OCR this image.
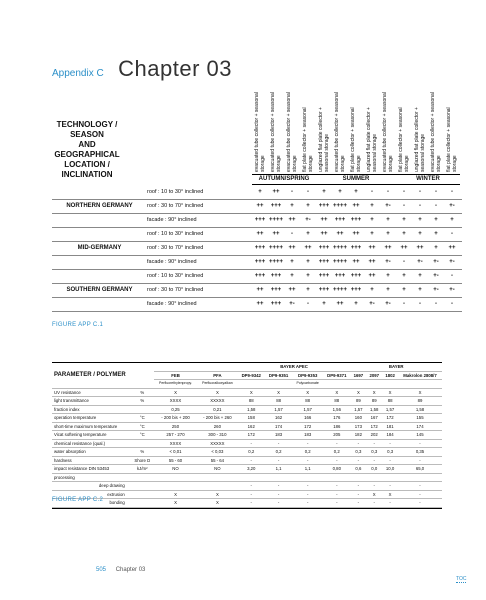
Appendix C Chapter 03
TECHNOLOGY / SEASON
AND
GEOGRAPHICAL LOCATION /
INCLINATION
evacuated tube collector + seasonal storage evacuated tube collector + seasonal storage evacuated tube collector + seasonal storage flat plate collector + seasonal storage unglazed flat plate collector + seasonal storage evacuated tube collector + seasonal storage flat plate collector + seasonal storage unglazed flat plate collector + seasonal storage evacuated tube collector + seasonal storage flat plate collector + seasonal storage unglazed flat plate collector + seasonal storage evacuated tube collector + seasonal storage flat plate collector + seasonal storage
AUTUMN/SPRING	SUMMER	WINTER
roof : 10 to 30° inclined	+	++	-	-	+	+	+	-	-	-	-	-	-
NORTHERN GERMANY	roof : 30 to 70° inclined	++	+++	+	+	+++ ++++ ++	+	+-	-	-	-	+-
facade : 90° inclined	+++ ++++ ++	+-	++	+++ +++	+	+	+	+	+	+
roof : 10 to 30° inclined	++	++	-	+	++	++	++	+	+	+	+	+	-
MID-GERMANY	roof : 30 to 70° inclined	+++ ++++ ++	++	+++ ++++ +++	++	++	++	++	+	++
facade : 90° inclined	+++ ++++	+	+	+++ ++++ ++	++	+-	-	+-	+-	+-
roof : 10 to 30° inclined	+++ +++	+	+	+++ +++ +++	++	+	+	+	+-	-
SOUTHERN GERMANY	roof : 30 to 70° inclined	++	+++	++	+	+++ ++++ +++	+	+	+	+	+-	+-
facade : 90° inclined	++	+++	+-	-	+	++	+	+-	+-	-	-	-	-
FIGURE APP C.1
PARAMETER / POLYMER				BAYER APEC				BAYER			
		FEB	PFA	DP9-9342	DP9-9351	DP9-9353	DP9-9371	1697	2097	1802	Makrolon 2808/7
		Perfluorethylenpropy.	Perfluoralkoxyalkan			Polycarbonate					
UV resistance	%	X	X	X	X	X	X	X	X	X	X
light transmittance	%	XXXX	XXXXX	88	88	88	88	89	89	88	89
fraction index		0,25	0,21	1,58	1,57	1,57	1,56	1,57	1,58	1,57	1,58
operation temperature	°C	- 200 bis + 200	- 200 bis + 260	158	162	166	176	160	167	172	155
short-time maximum temperature	°C	250	260	162	174	172	186	173	172	181	174
Vicat softening temperature	°C	257 - 270	300 - 310	172	183	183	205	182	202	184	145
chemical resistance (qual.)		XXXX	XXXXX	-	-	-	-	-	-	-	-
water absorption	%	< 0,01	< 0,03	0,2	0,2	0,2	0,2	0,3	0,3	0,3	0,35
hardness	Shore D	55 - 60	55 - 64	-	-	-	-	-	-	-	-
impact resistance DIN 53453	kJ/m²	NO	NO	3,20	1,1	1,1	0,80	0,6	0,0	10,0	65,0
processing											
deep drawing				-	-	-	-	-	-	-	-
extrusion		X	X	-	-	-	-	-	X	X	-
bonding		X	X	-	-	-	-	-	-	-	-
FIGURE APP C.2
505 Chapter 03
TOC
